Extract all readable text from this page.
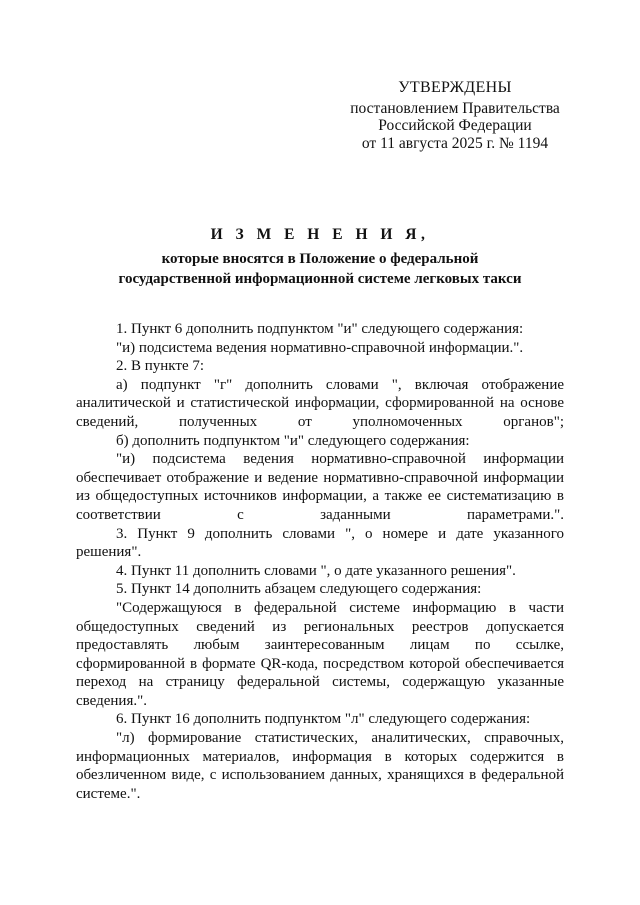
УТВЕРЖДЕНЫ
постановлением Правительства
Российской Федерации
от 11 августа 2025 г. № 1194
И З М Е Н Е Н И Я,
которые вносятся в Положение о федеральной
государственной информационной системе легковых такси

1. Пункт 6 дополнить подпунктом "и" следующего содержания:

"и) подсистема ведения нормативно-справочной информации.".

2. В пункте 7:

а) подпункт "г" дополнить словами ", включая отображение аналитической и статистической информации, сформированной на основе сведений, полученных от уполномоченных органов";

б) дополнить подпунктом "и" следующего содержания:

"и) подсистема ведения нормативно-справочной информации обеспечивает отображение и ведение нормативно-справочной информации из общедоступных источников информации, а также ее систематизацию в соответствии с заданными параметрами.".

3. Пункт 9 дополнить словами ", о номере и дате указанного решения".

4. Пункт 11 дополнить словами ", о дате указанного решения".

5. Пункт 14 дополнить абзацем следующего содержания:

"Содержащуюся в федеральной системе информацию в части общедоступных сведений из региональных реестров допускается предоставлять любым заинтересованным лицам по ссылке, сформированной в формате QR-кода, посредством которой обеспечивается переход на страницу федеральной системы, содержащую указанные сведения.".

6. Пункт 16 дополнить подпунктом "л" следующего содержания:

"л) формирование статистических, аналитических, справочных, информационных материалов, информация в которых содержится в обезличенном виде, с использованием данных, хранящихся в федеральной системе.".
